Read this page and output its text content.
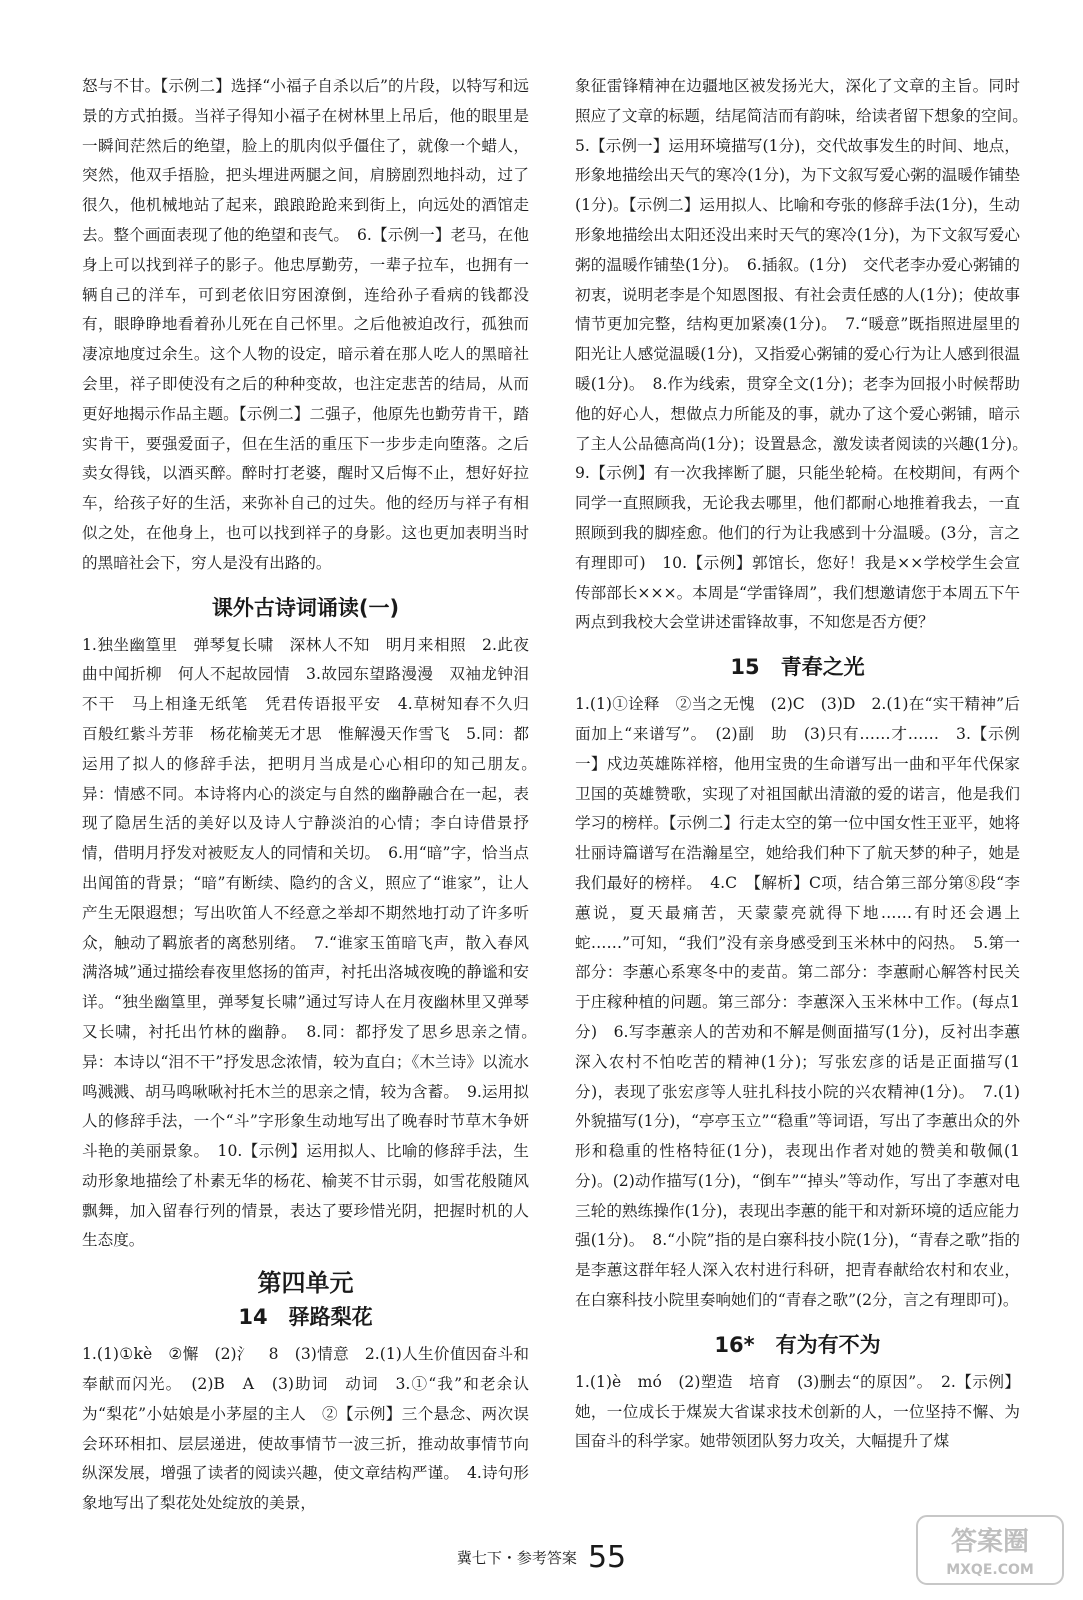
怒与不甘。【示例二】选择“小福子自杀以后”的片段，以特写和远景的方式拍摄。当祥子得知小福子在树林里上吊后，他的眼里是一瞬间茫然后的绝望，脸上的肌肉似乎僵住了，就像一个蜡人，突然，他双手捂脸，把头埋进两腿之间，肩膀剧烈地抖动，过了很久，他机械地站了起来，踉踉跄跄来到街上，向远处的酒馆走去。整个画面表现了他的绝望和丧气。　6.【示例一】老马，在他身上可以找到祥子的影子。他忠厚勤劳，一辈子拉车，也拥有一辆自己的洋车，可到老依旧穷困潦倒，连给孙子看病的钱都没有，眼睁睁地看着孙儿死在自己怀里。之后他被迫改行，孤独而凄凉地度过余生。这个人物的设定，暗示着在那人吃人的黑暗社会里，祥子即使没有之后的种种变故，也注定悲苦的结局，从而更好地揭示作品主题。【示例二】二强子，他原先也勤劳肯干，踏实肯干，要强爱面子，但在生活的重压下一步步走向堕落。之后卖女得钱，以酒买醉。醉时打老婆，醒时又后悔不止，想好好拉车，给孩子好的生活，来弥补自己的过失。他的经历与祥子有相似之处，在他身上，也可以找到祥子的身影。这也更加表明当时的黑暗社会下，穷人是没有出路的。

课外古诗词诵读(一)

1.独坐幽篁里　弹琴复长啸　深林人不知　明月来相照　2.此夜曲中闻折柳　何人不起故园情　3.故园东望路漫漫　双袖龙钟泪不干　马上相逢无纸笔　凭君传语报平安　4.草树知春不久归　百般红紫斗芳菲　杨花榆荚无才思　惟解漫天作雪飞　5.同：都运用了拟人的修辞手法，把明月当成是心心相印的知己朋友。　异：情感不同。本诗将内心的淡定与自然的幽静融合在一起，表现了隐居生活的美好以及诗人宁静淡泊的心情；李白诗借景抒情，借明月抒发对被贬友人的同情和关切。　6.用“暗”字，恰当点出闻笛的背景；“暗”有断续、隐约的含义，照应了“谁家”，让人产生无限遐想；写出吹笛人不经意之举却不期然地打动了许多听众，触动了羁旅者的离愁别绪。　7.“谁家玉笛暗飞声，散入春风满洛城”通过描绘春夜里悠扬的笛声，衬托出洛城夜晚的静谧和安详。“独坐幽篁里，弹琴复长啸”通过写诗人在月夜幽林里又弹琴又长啸，衬托出竹林的幽静。　8.同：都抒发了思乡思亲之情。　异：本诗以“泪不干”抒发思念浓情，较为直白；《木兰诗》以流水鸣溅溅、胡马鸣啾啾衬托木兰的思亲之情，较为含蓄。　9.运用拟人的修辞手法，一个“斗”字形象生动地写出了晚春时节草木争妍斗艳的美丽景象。　10.【示例】运用拟人、比喻的修辞手法，生动形象地描绘了朴素无华的杨花、榆荚不甘示弱，如雪花般随风飘舞，加入留春行列的情景，表达了要珍惜光阴，把握时机的人生态度。

第四单元
14　驿路梨花

1.(1)①kè　②懈　(2)氵　8　(3)情意　2.(1)人生价值因奋斗和奉献而闪光。　(2)B　A　(3)助词　动词　3.①“我”和老余认为“梨花”小姑娘是小茅屋的主人　②【示例】三个悬念、两次误会环环相扣、层层递进，使故事情节一波三折，推动故事情节向纵深发展，增强了读者的阅读兴趣，使文章结构严谨。　4.诗句形象地写出了梨花处处绽放的美景，

象征雷锋精神在边疆地区被发扬光大，深化了文章的主旨。同时照应了文章的标题，结尾简洁而有韵味，给读者留下想象的空间。　5.【示例一】运用环境描写(1分)，交代故事发生的时间、地点，形象地描绘出天气的寒冷(1分)，为下文叙写爱心粥的温暖作铺垫(1分)。【示例二】运用拟人、比喻和夸张的修辞手法(1分)，生动形象地描绘出太阳还没出来时天气的寒冷(1分)，为下文叙写爱心粥的温暖作铺垫(1分)。　6.插叙。(1分)　交代老李办爱心粥铺的初衷，说明老李是个知恩图报、有社会责任感的人(1分)；使故事情节更加完整，结构更加紧凑(1分)。　7.“暖意”既指照进屋里的阳光让人感觉温暖(1分)，又指爱心粥铺的爱心行为让人感到很温暖(1分)。　8.作为线索，贯穿全文(1分)；老李为回报小时候帮助他的好心人，想做点力所能及的事，就办了这个爱心粥铺，暗示了主人公品德高尚(1分)；设置悬念，激发读者阅读的兴趣(1分)。　9.【示例】有一次我摔断了腿，只能坐轮椅。在校期间，有两个同学一直照顾我，无论我去哪里，他们都耐心地推着我去，一直照顾到我的脚痊愈。他们的行为让我感到十分温暖。(3分，言之有理即可)　10.【示例】郭馆长，您好！我是××学校学生会宣传部部长×××。本周是“学雷锋周”，我们想邀请您于本周五下午两点到我校大会堂讲述雷锋故事，不知您是否方便？

15　青春之光

1.(1)①诠释　②当之无愧　(2)C　(3)D　2.(1)在“实干精神”后面加上“来谱写”。　(2)副　助　(3)只有……才……　3.【示例一】戍边英雄陈祥榕，他用宝贵的生命谱写出一曲和平年代保家卫国的英雄赞歌，实现了对祖国献出清澈的爱的诺言，他是我们学习的榜样。【示例二】行走太空的第一位中国女性王亚平，她将壮丽诗篇谱写在浩瀚星空，她给我们种下了航天梦的种子，她是我们最好的榜样。　4.C　【解析】C项，结合第三部分第⑧段“李蕙说，夏天最痛苦，天蒙蒙亮就得下地……有时还会遇上蛇……”可知，“我们”没有亲身感受到玉米林中的闷热。　5.第一部分：李蕙心系寒冬中的麦苗。第二部分：李蕙耐心解答村民关于庄稼种植的问题。第三部分：李蕙深入玉米林中工作。(每点1分)　6.写李蕙亲人的苦劝和不解是侧面描写(1分)，反衬出李蕙深入农村不怕吃苦的精神(1分)；写张宏彦的话是正面描写(1分)，表现了张宏彦等人驻扎科技小院的兴农精神(1分)。　7.(1)外貌描写(1分)，“亭亭玉立”“稳重”等词语，写出了李蕙出众的外形和稳重的性格特征(1分)，表现出作者对她的赞美和敬佩(1分)。(2)动作描写(1分)，“倒车”“掉头”等动作，写出了李蕙对电三轮的熟练操作(1分)，表现出李蕙的能干和对新环境的适应能力强(1分)。　8.“小院”指的是白寨科技小院(1分)，“青春之歌”指的是李蕙这群年轻人深入农村进行科研，把青春献给农村和农业，在白寨科技小院里奏响她们的“青春之歌”(2分，言之有理即可)。

16*　有为有不为

1.(1)è　mó　(2)塑造　培育　(3)删去“的原因”。　2.【示例】她，一位成长于煤炭大省谋求技术创新的人，一位坚持不懈、为国奋斗的科学家。她带领团队努力攻关，大幅提升了煤

冀七下・参考答案 55	答案圈
MXQE.COM
